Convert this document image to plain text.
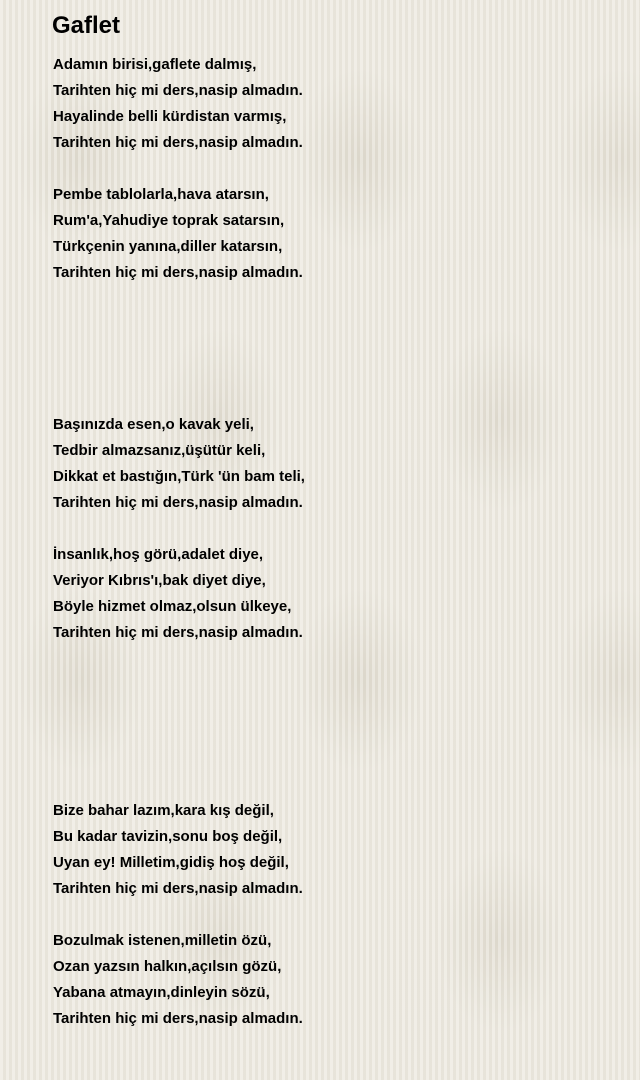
Gaflet
Adamın birisi,gaflete dalmış,
Tarihten hiç mi ders,nasip almadın.
Hayalinde belli kürdistan varmış,
Tarihten hiç mi ders,nasip almadın.
Pembe tablolarla,hava atarsın,
Rum'a,Yahudiye toprak satarsın,
Türkçenin yanına,diller katarsın,
Tarihten hiç mi ders,nasip almadın.
Başınızda esen,o kavak yeli,
Tedbir almazsanız,üşütür keli,
Dikkat et bastığın,Türk 'ün bam teli,
Tarihten hiç mi ders,nasip almadın.
İnsanlık,hoş görü,adalet diye,
Veriyor Kıbrıs'ı,bak diyet diye,
Böyle hizmet olmaz,olsun ülkeye,
Tarihten hiç mi ders,nasip almadın.
Bize bahar lazım,kara kış değil,
Bu kadar tavizin,sonu boş değil,
Uyan ey! Milletim,gidiş hoş değil,
Tarihten hiç mi ders,nasip almadın.
Bozulmak istenen,milletin özü,
Ozan yazsın halkın,açılsın gözü,
Yabana atmayın,dinleyin sözü,
Tarihten hiç mi ders,nasip almadın.
